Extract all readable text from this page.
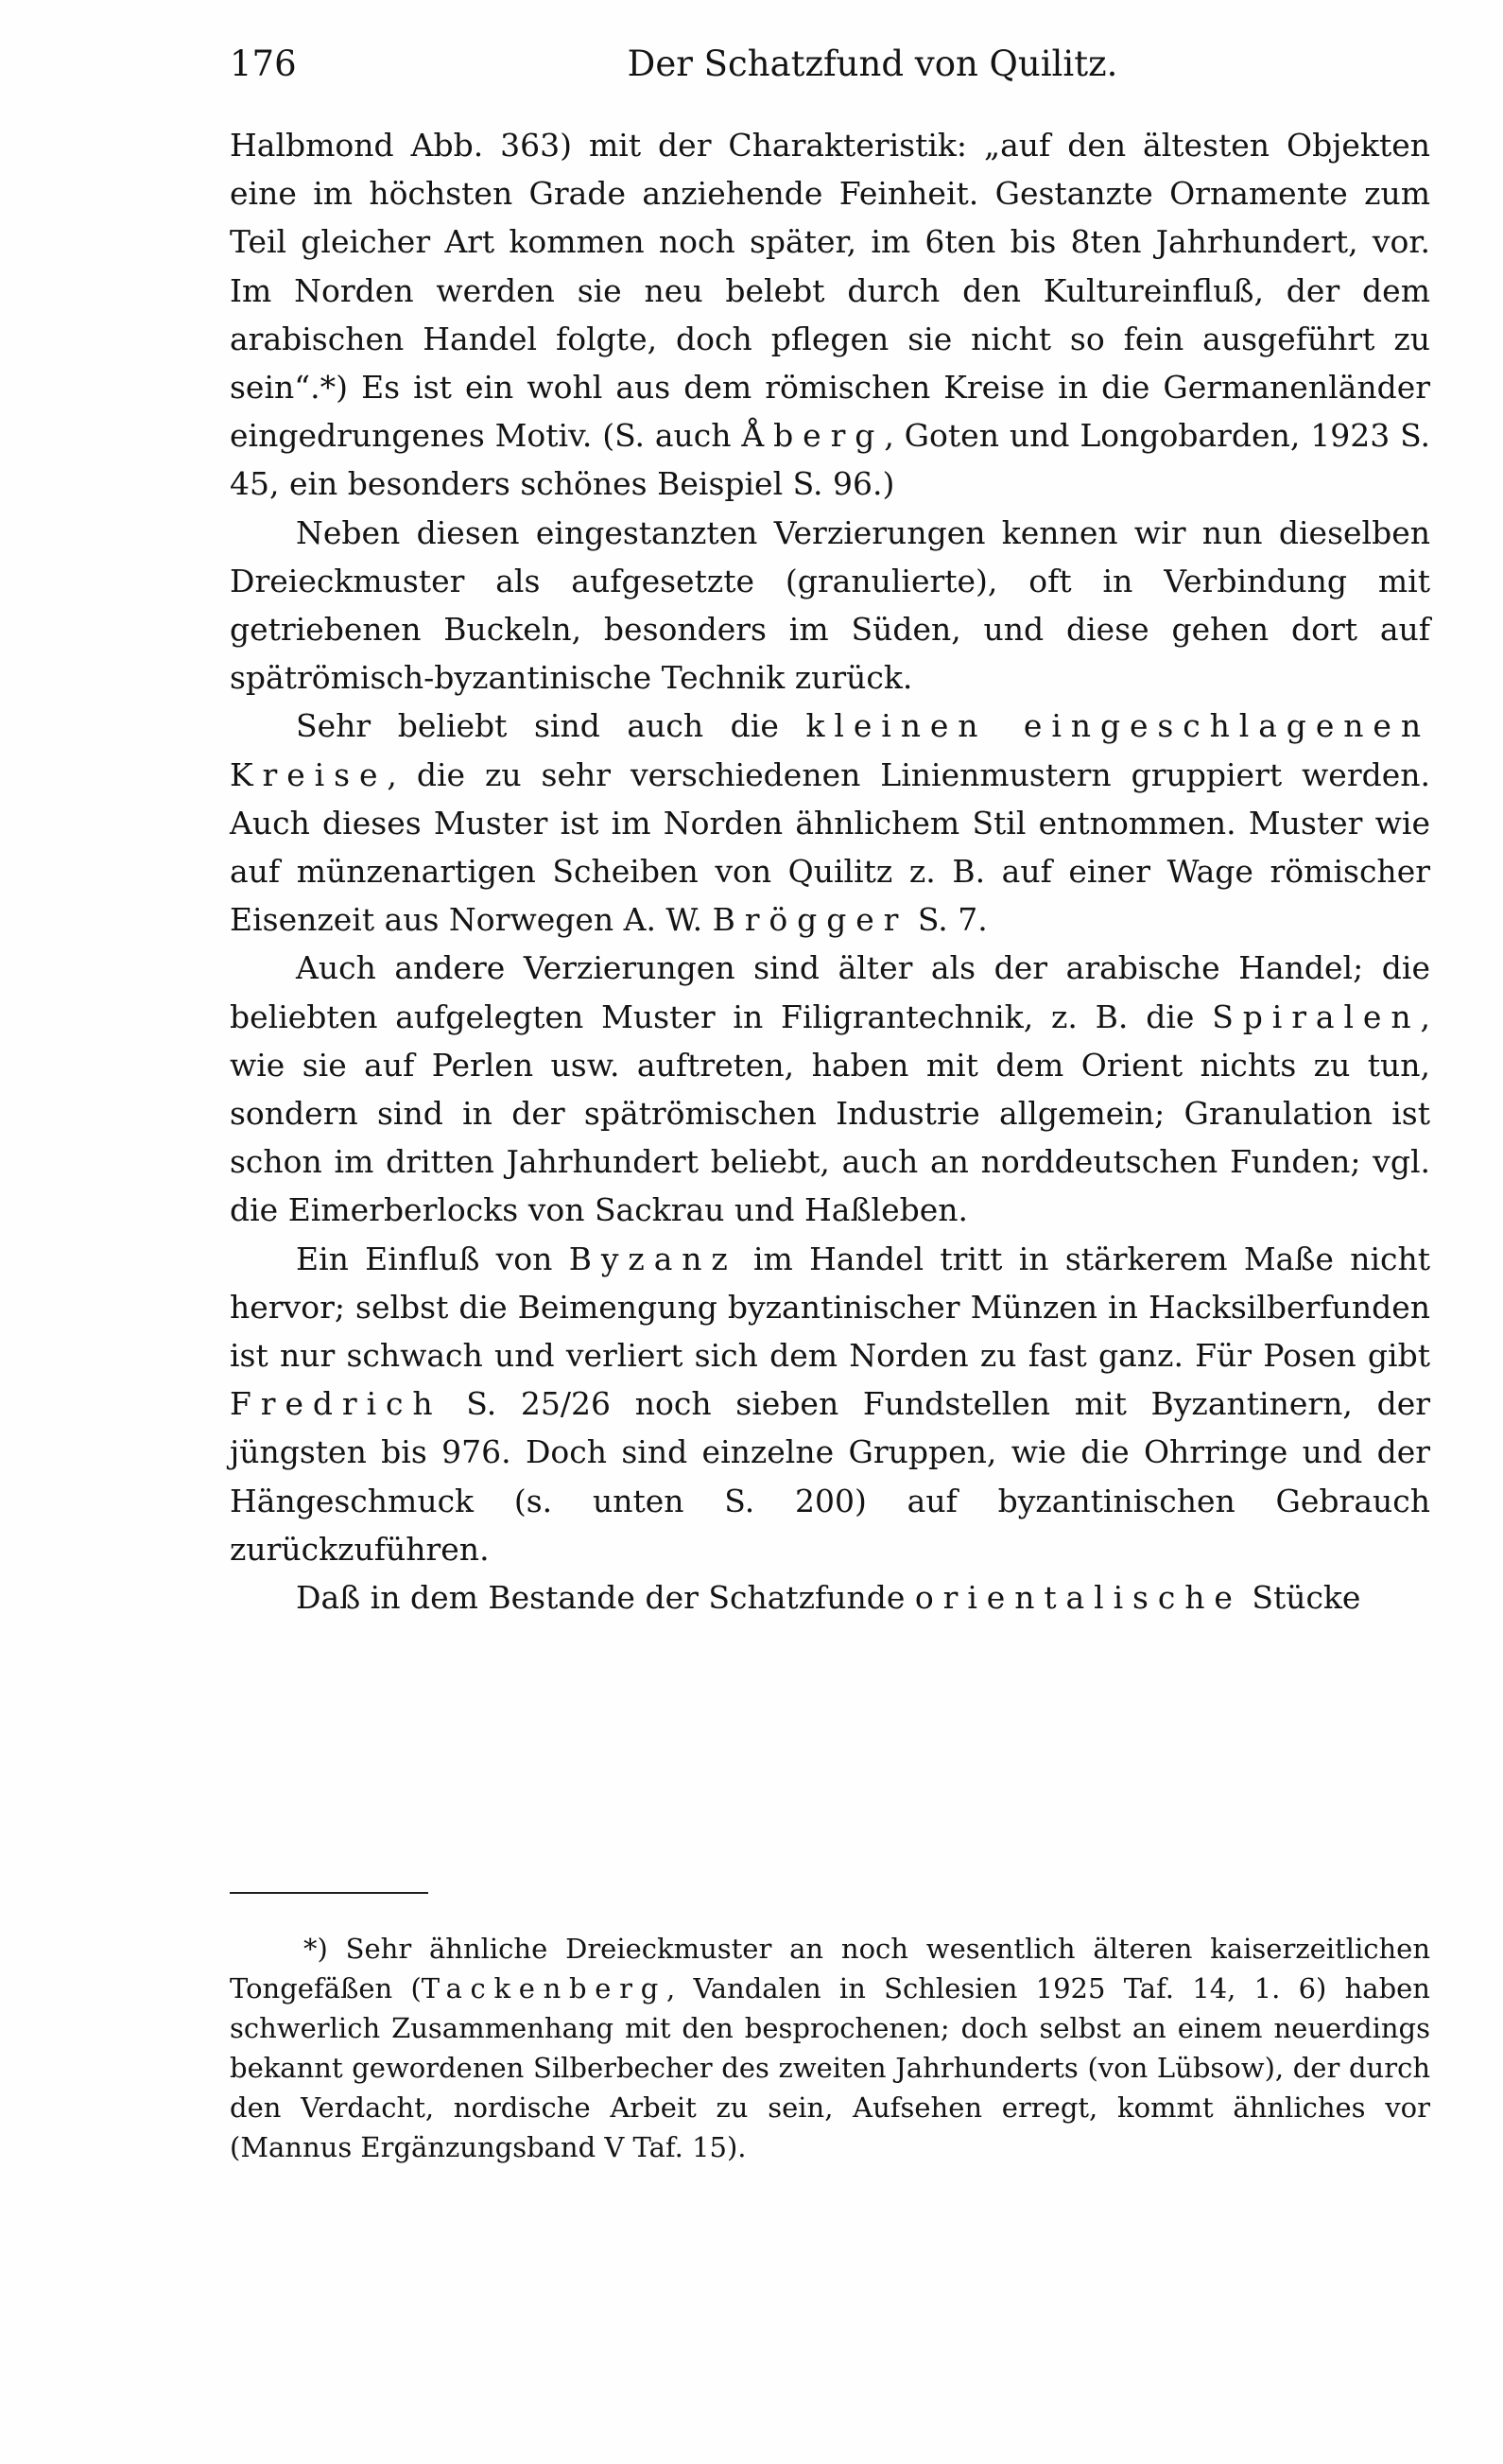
176	Der Schatzfund von Quilitz.

Halbmond Abb. 363) mit der Charakteristik: „auf den ältesten Objekten eine im höchsten Grade anziehende Feinheit. Gestanzte Ornamente zum Teil gleicher Art kommen noch später, im 6ten bis 8ten Jahrhundert, vor. Im Norden werden sie neu belebt durch den Kultureinfluß, der dem arabischen Handel folgte, doch pflegen sie nicht so fein ausgeführt zu sein“.*) Es ist ein wohl aus dem römischen Kreise in die Germanenländer eingedrungenes Motiv. (S. auch Åberg, Goten und Longobarden, 1923 S. 45, ein besonders schönes Beispiel S. 96.)

Neben diesen eingestanzten Verzierungen kennen wir nun dieselben Dreieckmuster als aufgesetzte (granulierte), oft in Verbindung mit getriebenen Buckeln, besonders im Süden, und diese gehen dort auf spätrömisch-byzantinische Technik zurück.

Sehr beliebt sind auch die kleinen eingeschlagenen Kreise, die zu sehr verschiedenen Linienmustern gruppiert werden. Auch dieses Muster ist im Norden ähnlichem Stil entnommen. Muster wie auf münzenartigen Scheiben von Quilitz z. B. auf einer Wage römischer Eisenzeit aus Norwegen A. W. Brögger S. 7.

Auch andere Verzierungen sind älter als der arabische Handel; die beliebten aufgelegten Muster in Filigrantechnik, z. B. die Spiralen, wie sie auf Perlen usw. auftreten, haben mit dem Orient nichts zu tun, sondern sind in der spätrömischen Industrie allgemein; Granulation ist schon im dritten Jahrhundert beliebt, auch an norddeutschen Funden; vgl. die Eimerberlocks von Sackrau und Haßleben.

Ein Einfluß von Byzanz im Handel tritt in stärkerem Maße nicht hervor; selbst die Beimengung byzantinischer Münzen in Hacksilberfunden ist nur schwach und verliert sich dem Norden zu fast ganz. Für Posen gibt Fredrich S. 25/26 noch sieben Fundstellen mit Byzantinern, der jüngsten bis 976. Doch sind einzelne Gruppen, wie die Ohrringe und der Hängeschmuck (s. unten S. 200) auf byzantinischen Gebrauch zurückzuführen.

Daß in dem Bestande der Schatzfunde orientalische Stücke

*) Sehr ähnliche Dreieckmuster an noch wesentlich älteren kaiserzeitlichen Tongefäßen (Tackenberg, Vandalen in Schlesien 1925 Taf. 14, 1. 6) haben schwerlich Zusammenhang mit den besprochenen; doch selbst an einem neuerdings bekannt gewordenen Silberbecher des zweiten Jahrhunderts (von Lübsow), der durch den Verdacht, nordische Arbeit zu sein, Aufsehen erregt, kommt ähnliches vor (Mannus Ergänzungsband V Taf. 15).
